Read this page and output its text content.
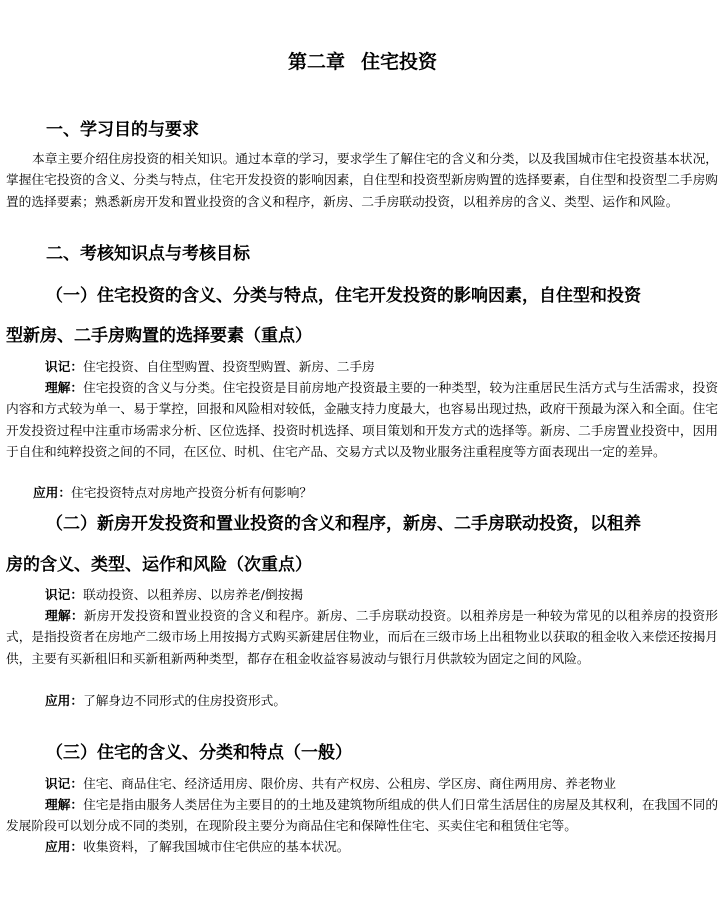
第二章 住宅投资
一、学习目的与要求
本章主要介绍住房投资的相关知识。通过本章的学习，要求学生了解住宅的含义和分类，以及我国城市住宅投资基本状况，掌握住宅投资的含义、分类与特点，住宅开发投资的影响因素，自住型和投资型新房购置的选择要素，自住型和投资型二手房购置的选择要素；熟悉新房开发和置业投资的含义和程序，新房、二手房联动投资，以租养房的含义、类型、运作和风险。
二、考核知识点与考核目标
（一）住宅投资的含义、分类与特点，住宅开发投资的影响因素，自住型和投资
型新房、二手房购置的选择要素（重点）
识记：住宅投资、自住型购置、投资型购置、新房、二手房
理解：住宅投资的含义与分类。住宅投资是目前房地产投资最主要的一种类型，较为注重居民生活方式与生活需求，投资内容和方式较为单一、易于掌控，回报和风险相对较低，金融支持力度最大，也容易出现过热，政府干预最为深入和全面。住宅开发投资过程中注重市场需求分析、区位选择、投资时机选择、项目策划和开发方式的选择等。新房、二手房置业投资中，因用于自住和纯粹投资之间的不同，在区位、时机、住宅产品、交易方式以及物业服务注重程度等方面表现出一定的差异。
应用：住宅投资特点对房地产投资分析有何影响？
（二）新房开发投资和置业投资的含义和程序，新房、二手房联动投资，以租养
房的含义、类型、运作和风险（次重点）
识记：联动投资、以租养房、以房养老/倒按揭
理解：新房开发投资和置业投资的含义和程序。新房、二手房联动投资。以租养房是一种较为常见的以租养房的投资形式，是指投资者在房地产二级市场上用按揭方式购买新建居住物业，而后在三级市场上出租物业以获取的租金收入来偿还按揭月供，主要有买新租旧和买新租新两种类型，都存在租金收益容易波动与银行月供款较为固定之间的风险。
应用：了解身边不同形式的住房投资形式。
（三）住宅的含义、分类和特点（一般）
识记：住宅、商品住宅、经济适用房、限价房、共有产权房、公租房、学区房、商住两用房、养老物业
理解：住宅是指由服务人类居住为主要目的的土地及建筑物所组成的供人们日常生活居住的房屋及其权利，在我国不同的发展阶段可以划分成不同的类别，在现阶段主要分为商品住宅和保障性住宅、买卖住宅和租赁住宅等。
应用：收集资料，了解我国城市住宅供应的基本状况。
